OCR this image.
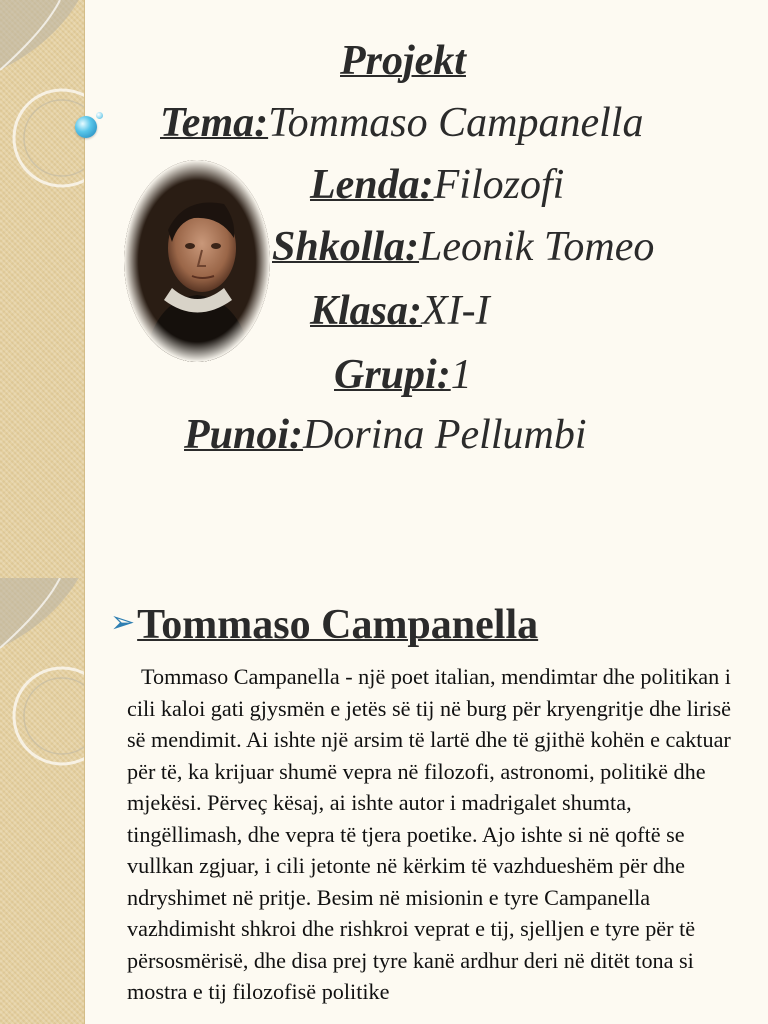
Projekt
Tema:Tommaso Campanella
Lenda:Filozofi
Shkolla:Leonik Tomeo
Klasa:XI-I
Grupi:1
Punoi:Dorina Pellumbi
➢Tommaso Campanella
Tommaso Campanella - një poet italian, mendimtar dhe politikan i cili kaloi gati gjysmën e jetës së tij në burg për kryengritje dhe lirisë së mendimit. Ai ishte një arsim të lartë dhe të gjithë kohën e caktuar për të, ka krijuar shumë vepra në filozofi, astronomi, politikë dhe mjekësi. Përveç kësaj, ai ishte autor i madrigalet shumta, tingëllimash, dhe vepra të tjera poetike. Ajo ishte si në qoftë se vullkan zgjuar, i cili jetonte në kërkim të vazhdueshëm për dhe ndryshimet në pritje. Besim në misionin e tyre Campanella vazhdimisht shkroi dhe rishkroi veprat e tij, sjelljen e tyre për të përsosmërisë, dhe disa prej tyre kanë ardhur deri në ditët tona si mostra e tij filozofisë politike
